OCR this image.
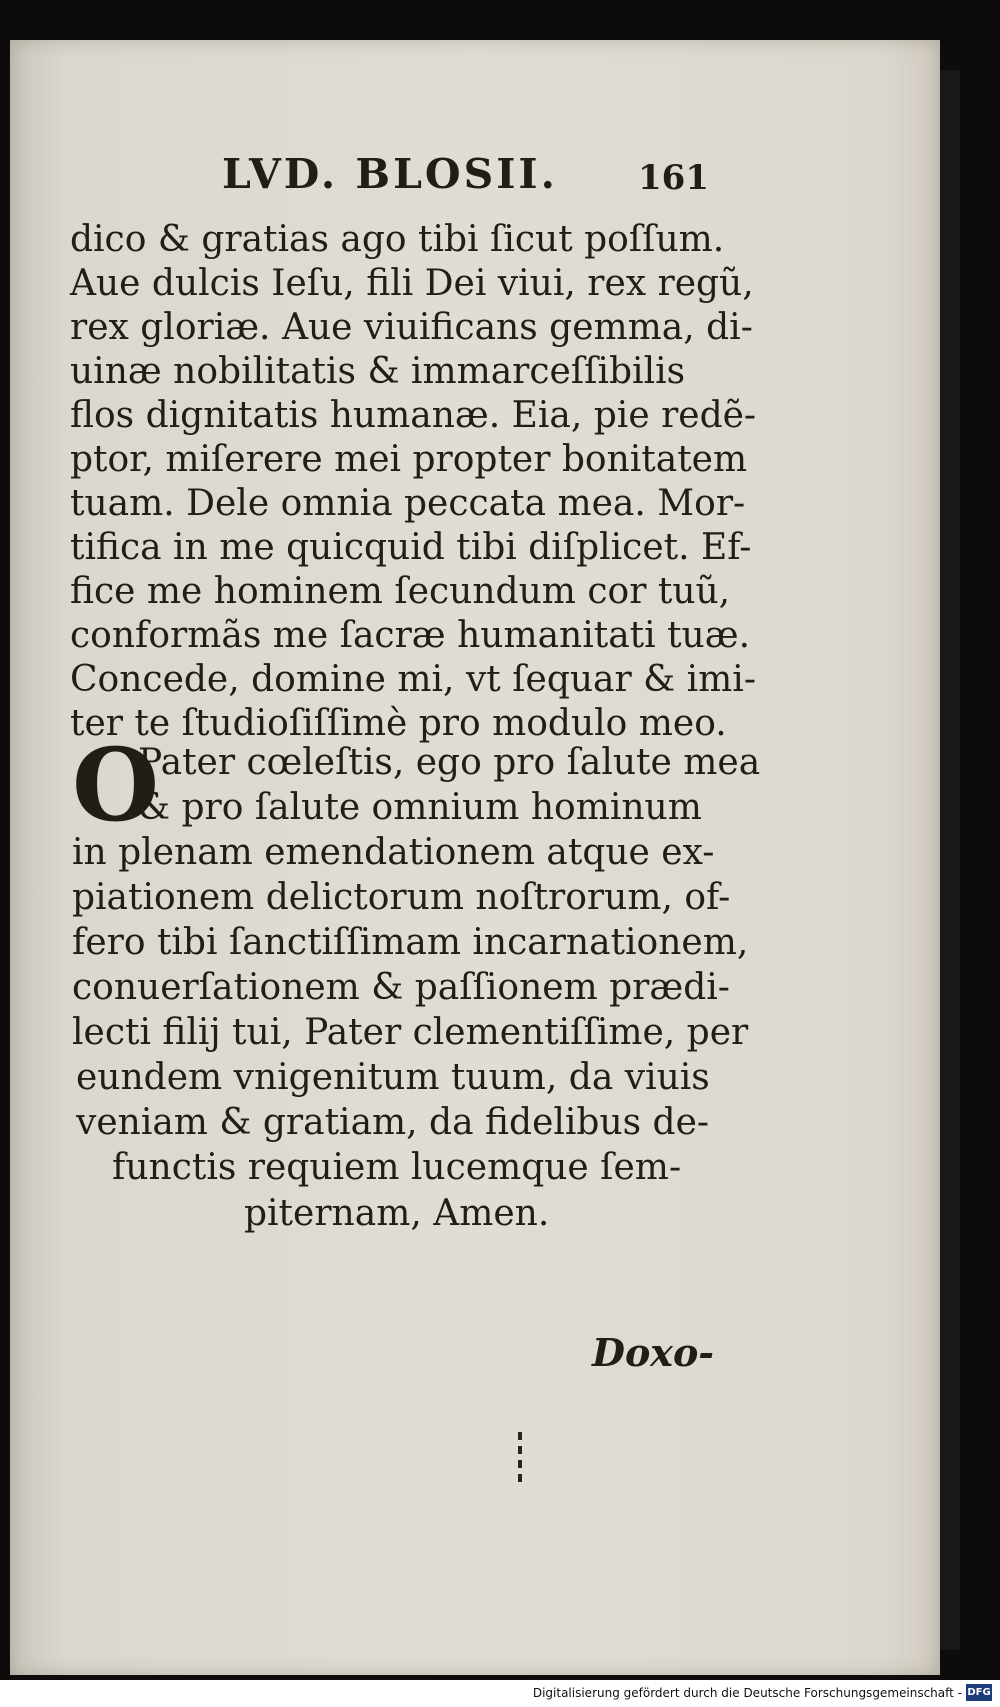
LVD. BLOSII. 161
dico & gratias ago tibi ſicut poſſum.
Aue dulcis Ieſu, fili Dei viui, rex regũ,
rex gloriæ. Aue viuificans gemma, di-
uinæ nobilitatis & immarceſſibilis
flos dignitatis humanæ. Eia, pie redẽ-
ptor, miſerere mei propter bonitatem
tuam. Dele omnia peccata mea. Mor-
tifica in me quicquid tibi diſplicet. Ef-
fice me hominem ſecundum cor tuũ,
conformãs me ſacræ humanitati tuæ.
Concede, domine mi, vt ſequar & imi-
ter te ſtudioſiſſimè pro modulo meo.
O
Pater cœleſtis, ego pro ſalute mea
& pro ſalute omnium hominum
in plenam emendationem atque ex-
piationem delictorum noſtrorum, of-
fero tibi ſanctiſſimam incarnationem,
conuerſationem & paſſionem prædi-
lecti filij tui, Pater clementiſſime, per
eundem vnigenitum tuum, da viuis
veniam & gratiam, da fidelibus de-
functis requiem lucemque ſem-
piternam, Amen.
Doxo-
Digitalisierung gefördert durch die Deutsche Forschungsgemeinschaft - DFG
